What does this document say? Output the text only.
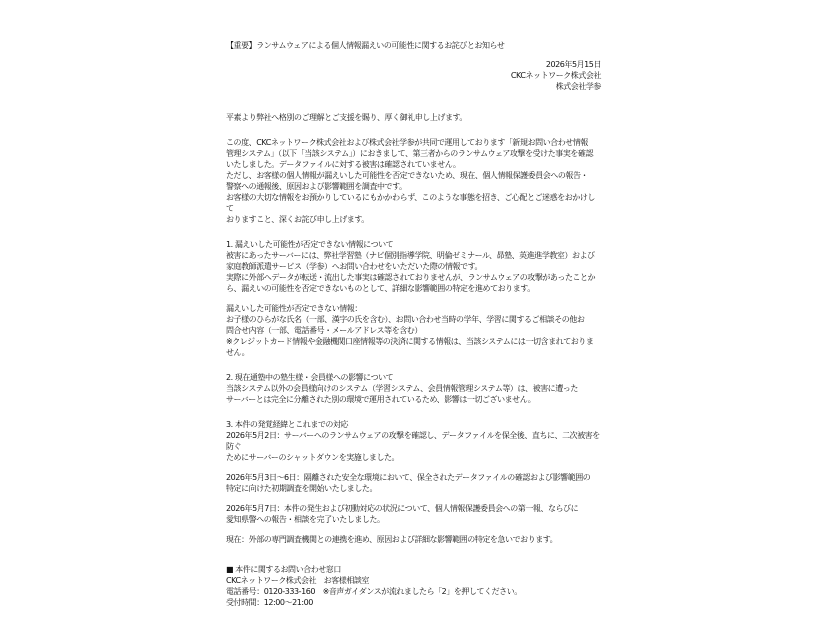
【重要】ランサムウェアによる個人情報漏えいの可能性に関するお詫びとお知らせ
2026年5月15日
CKCネットワーク株式会社
株式会社学参

平素より弊社へ格別のご理解とご支援を賜り、厚く御礼申し上げます。

この度、CKCネットワーク株式会社および株式会社学参が共同で運用しております「新規お問い合わせ情報
管理システム」（以下「当該システム」）におきまして、第三者からのランサムウェア攻撃を受けた事実を確認
いたしました。データファイルに対する被害は確認されていません。
ただし、お客様の個人情報が漏えいした可能性を否定できないため、現在、個人情報保護委員会への報告・
警察への通報後、原因および影響範囲を調査中です。
お客様の大切な情報をお預かりしているにもかかわらず、このような事態を招き、ご心配とご迷惑をおかけして
おりますこと、深くお詫び申し上げます。

1. 漏えいした可能性が否定できない情報について

被害にあったサーバーには、弊社学習塾（ナビ個別指導学院、明倫ゼミナール、昴塾、英進進学教室）および
家庭教師派遣サービス（学参）へお問い合わせをいただいた際の情報です。
実際に外部へデータが転送・流出した事実は確認されておりませんが、ランサムウェアの攻撃があったことか
ら、漏えいの可能性を否定できないものとして、詳細な影響範囲の特定を進めております。

漏えいした可能性が否定できない情報：

お子様のひらがな氏名（一部、漢字の氏を含む）、お問い合わせ当時の学年、学習に関するご相談その他お
問合せ内容（一部、電話番号・メールアドレス等を含む）
※クレジットカード情報や金融機関口座情報等の決済に関する情報は、当該システムには一切含まれておりま
せん。

2. 現在通塾中の塾生様・会員様への影響について

当該システム以外の会員様向けのシステム（学習システム、会員情報管理システム等）は、被害に遭った
サーバーとは完全に分離された別の環境で運用されているため、影響は一切ございません。

3. 本件の発覚経緯とこれまでの対応

2026年5月2日：サーバーへのランサムウェアの攻撃を確認し、データファイルを保全後、直ちに、二次被害を防ぐ
ためにサーバーのシャットダウンを実施しました。

2026年5月3日～6日：隔離された安全な環境において、保全されたデータファイルの確認および影響範囲の
特定に向けた初期調査を開始いたしました。

2026年5月7日：本件の発生および初動対応の状況について、個人情報保護委員会への第一報、ならびに
愛知県警への報告・相談を完了いたしました。

現在：外部の専門調査機関との連携を進め、原因および詳細な影響範囲の特定を急いでおります。

■ 本件に関するお問い合わせ窓口

CKCネットワーク株式会社　お客様相談室

電話番号：0120-333-160　※音声ガイダンスが流れましたら「2」を押してください。

受付時間：12:00～21:00
